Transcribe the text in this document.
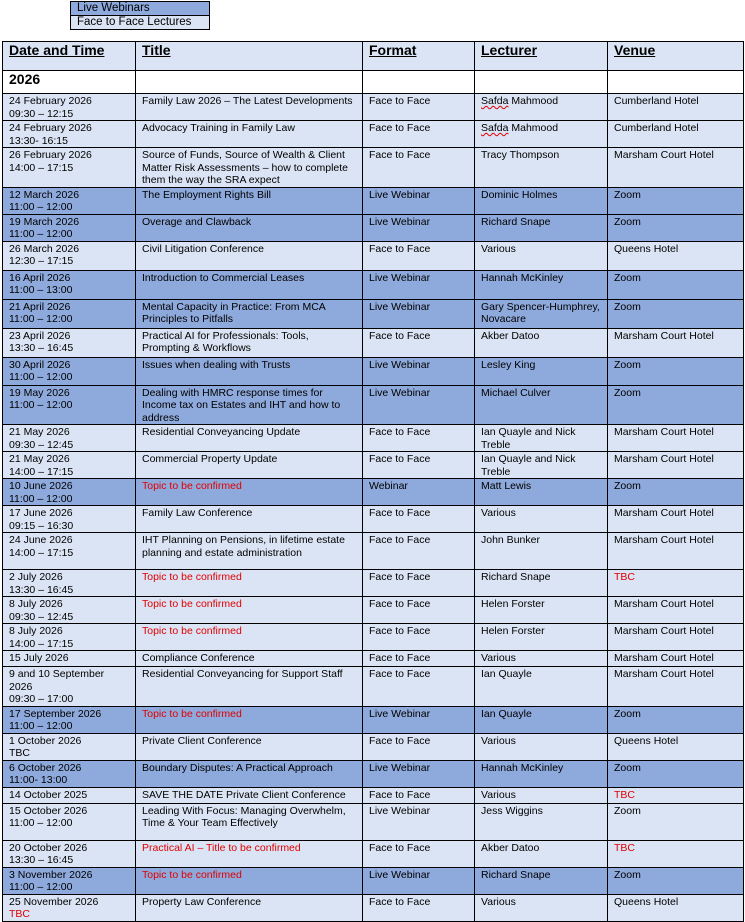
Live Webinars
Face to Face Lectures
Date and Time	Title	Format	Lecturer	Venue
2026				
24 February 2026
09:30 – 12:15	Family Law 2026 – The Latest Developments	Face to Face	Safda Mahmood	Cumberland Hotel
24 February 2026
13:30- 16:15	Advocacy Training in Family Law	Face to Face	Safda Mahmood	Cumberland Hotel
26 February 2026
14:00 – 17:15	Source of Funds, Source of Wealth & Client Matter Risk Assessments – how to complete them the way the SRA expect	Face to Face	Tracy Thompson	Marsham Court Hotel
12 March 2026
11:00 – 12:00	The Employment Rights Bill	Live Webinar	Dominic Holmes	Zoom
19 March 2026
11:00 – 12:00	Overage and Clawback	Live Webinar	Richard Snape	Zoom
26 March 2026
12:30 – 17:15	Civil Litigation Conference	Face to Face	Various	Queens Hotel
16 April 2026
11:00 – 13:00	Introduction to Commercial Leases	Live Webinar	Hannah McKinley	Zoom
21 April 2026
11:00 – 12:00	Mental Capacity in Practice: From MCA Principles to Pitfalls	Live Webinar	Gary Spencer-Humphrey, Novacare	Zoom
23 April 2026
13:30 – 16:45	Practical AI for Professionals: Tools, Prompting & Workflows	Face to Face	Akber Datoo	Marsham Court Hotel
30 April 2026
11:00 – 12:00	Issues when dealing with Trusts	Live Webinar	Lesley King	Zoom
19 May 2026
11:00 – 12:00	Dealing with HMRC response times for Income tax on Estates and IHT and how to address	Live Webinar	Michael Culver	Zoom
21 May 2026
09:30 – 12:45	Residential Conveyancing Update	Face to Face	Ian Quayle and Nick Treble	Marsham Court Hotel
21 May 2026
14:00 – 17:15	Commercial Property Update	Face to Face	Ian Quayle and Nick Treble	Marsham Court Hotel
10 June 2026
11:00 – 12:00	Topic to be confirmed	Webinar	Matt Lewis	Zoom
17 June 2026
09:15 – 16:30	Family Law Conference	Face to Face	Various	Marsham Court Hotel
24 June 2026
14:00 – 17:15	IHT Planning on Pensions, in lifetime estate planning and estate administration	Face to Face	John Bunker	Marsham Court Hotel
2 July 2026
13:30 – 16:45	Topic to be confirmed	Face to Face	Richard Snape	TBC
8 July 2026
09:30 – 12:45	Topic to be confirmed	Face to Face	Helen Forster	Marsham Court Hotel
8 July 2026
14:00 – 17:15	Topic to be confirmed	Face to Face	Helen Forster	Marsham Court Hotel
15 July 2026	Compliance Conference	Face to Face	Various	Marsham Court Hotel
9 and 10 September 2026
09:30 – 17:00	Residential Conveyancing for Support Staff	Face to Face	Ian Quayle	Marsham Court Hotel
17 September 2026
11:00 – 12:00	Topic to be confirmed	Live Webinar	Ian Quayle	Zoom
1 October 2026
TBC	Private Client Conference	Face to Face	Various	Queens Hotel
6 October 2026
11:00- 13:00	Boundary Disputes: A Practical Approach	Live Webinar	Hannah McKinley	Zoom
14 October 2025	SAVE THE DATE Private Client Conference	Face to Face	Various	TBC
15 October 2026
11:00 – 12:00	Leading With Focus: Managing Overwhelm, Time & Your Team Effectively	Live Webinar	Jess Wiggins	Zoom
20 October 2026
13:30 – 16:45	Practical AI – Title to be confirmed	Face to Face	Akber Datoo	TBC
3 November 2026
11:00 – 12:00	Topic to be confirmed	Live Webinar	Richard Snape	Zoom
25 November 2026
TBC	Property Law Conference	Face to Face	Various	Queens Hotel
